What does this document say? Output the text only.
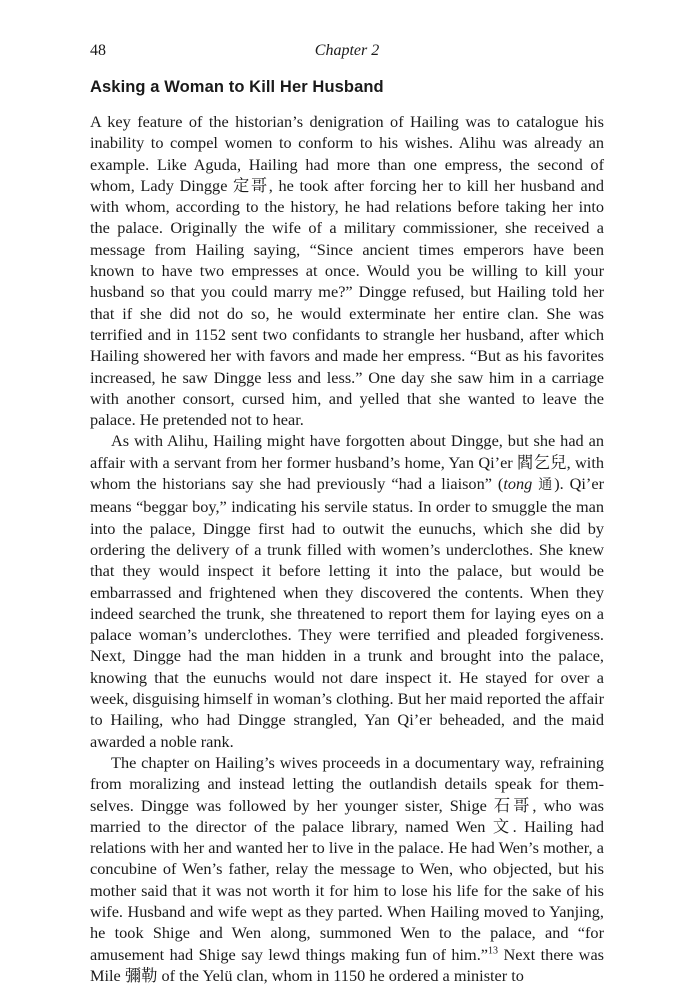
48	Chapter 2
Asking a Woman to Kill Her Husband

A key feature of the historian’s denigration of Hailing was to catalogue his inability to compel women to conform to his wishes. Alihu was already an example. Like Aguda, Hailing had more than one empress, the second of whom, Lady Dingge 定哥, he took after forcing her to kill her husband and with whom, according to the history, he had relations before taking her into the palace. Originally the wife of a military commissioner, she received a message from Hailing saying, “Since ancient times emperors have been known to have two empresses at once. Would you be willing to kill your husband so that you could marry me?” Dingge refused, but Hailing told her that if she did not do so, he would exterminate her entire clan. She was terrified and in 1152 sent two confidants to strangle her husband, after which Hailing showered her with favors and made her empress. “But as his favorites increased, he saw Dingge less and less.” One day she saw him in a carriage with another consort, cursed him, and yelled that she wanted to leave the palace. He pretended not to hear.

As with Alihu, Hailing might have forgotten about Dingge, but she had an affair with a servant from her former husband’s home, Yan Qi’er 閻乞兒, with whom the historians say she had previously “had a liaison” (tong 通). Qi’er means “beggar boy,” indicating his servile status. In order to smuggle the man into the palace, Dingge first had to outwit the eunuchs, which she did by ordering the delivery of a trunk filled with women’s underclothes. She knew that they would inspect it before letting it into the palace, but would be embarrassed and frightened when they discovered the contents. When they indeed searched the trunk, she threatened to report them for laying eyes on a palace woman’s underclothes. They were terrified and pleaded forgiveness. Next, Dingge had the man hidden in a trunk and brought into the palace, knowing that the eunuchs would not dare inspect it. He stayed for over a week, disguising himself in woman’s clothing. But her maid reported the affair to Hailing, who had Dingge strangled, Yan Qi’er beheaded, and the maid awarded a noble rank.

The chapter on Hailing’s wives proceeds in a documentary way, refraining from moralizing and instead letting the outlandish details speak for themselves. Dingge was followed by her younger sister, Shige 石哥, who was married to the director of the palace library, named Wen 文. Hailing had relations with her and wanted her to live in the palace. He had Wen’s mother, a concubine of Wen’s father, relay the message to Wen, who objected, but his mother said that it was not worth it for him to lose his life for the sake of his wife. Husband and wife wept as they parted. When Hailing moved to Yanjing, he took Shige and Wen along, summoned Wen to the palace, and “for amusement had Shige say lewd things making fun of him.”$^{13}$ Next there was Mile 彌勒 of the Yelü clan, whom in 1150 he ordered a minister to
